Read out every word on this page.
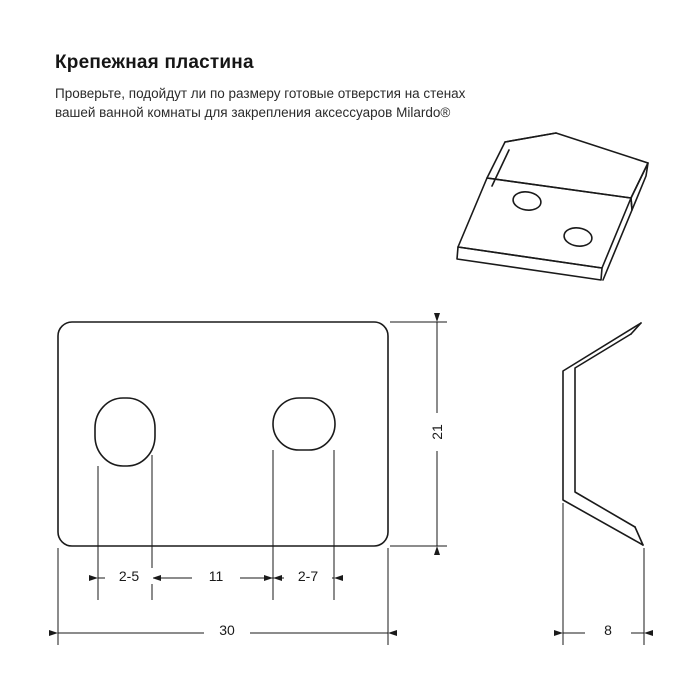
Крепежная пластина
Проверьте, подойдут ли по размеру готовые отверстия на стенах
вашей ванной комнаты для закрепления аксессуаров Milardo®
2-5	11	2-7
30
21
8
